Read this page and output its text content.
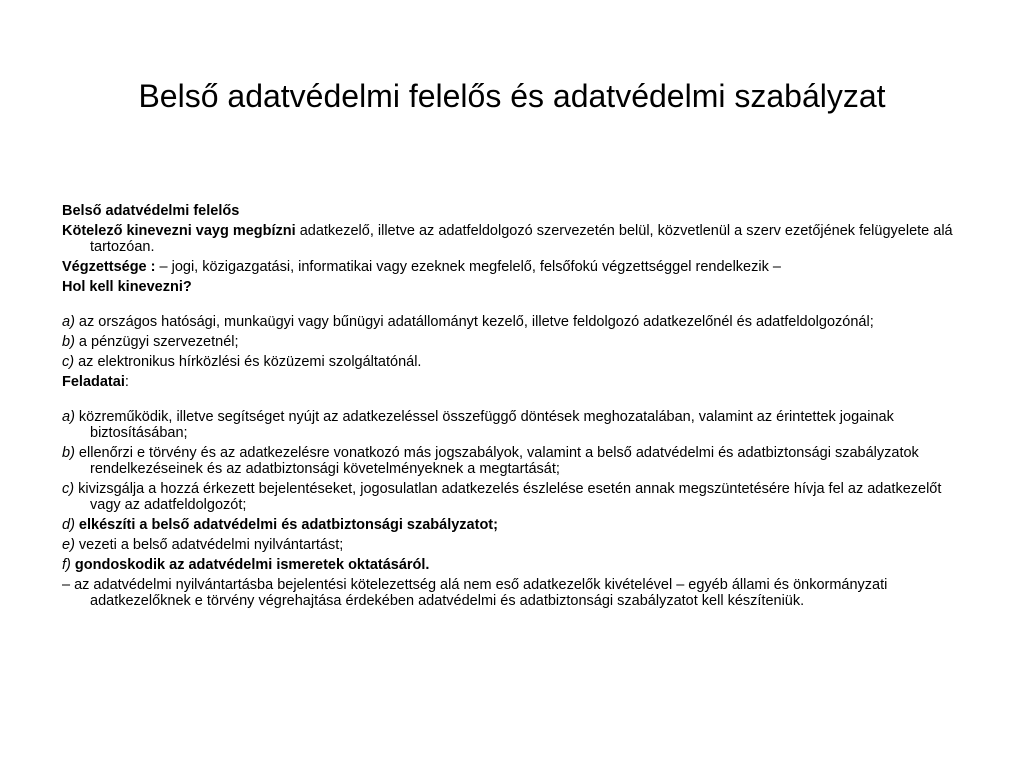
Belső adatvédelmi felelős és adatvédelmi szabályzat

Belső adatvédelmi felelős

Kötelező kinevezni vayg megbízni adatkezelő, illetve az adatfeldolgozó szervezetén belül, közvetlenül a szerv ezetőjének felügyelete alá tartozóan.

Végzettsége : – jogi, közigazgatási, informatikai vagy ezeknek megfelelő, felsőfokú végzettséggel rendelkezik –

Hol kell kinevezni?

a) az országos hatósági, munkaügyi vagy bűnügyi adatállományt kezelő, illetve feldolgozó adatkezelőnél és adatfeldolgozónál;

b) a pénzügyi szervezetnél;

c) az elektronikus hírközlési és közüzemi szolgáltatónál.

Feladatai:

a) közreműködik, illetve segítséget nyújt az adatkezeléssel összefüggő döntések meghozatalában, valamint az érintettek jogainak biztosításában;

b) ellenőrzi e törvény és az adatkezelésre vonatkozó más jogszabályok, valamint a belső adatvédelmi és adatbiztonsági szabályzatok rendelkezéseinek és az adatbiztonsági követelményeknek a megtartását;

c) kivizsgálja a hozzá érkezett bejelentéseket, jogosulatlan adatkezelés észlelése esetén annak megszüntetésére hívja fel az adatkezelőt vagy az adatfeldolgozót;

d) elkészíti a belső adatvédelmi és adatbiztonsági szabályzatot;

e) vezeti a belső adatvédelmi nyilvántartást;

f) gondoskodik az adatvédelmi ismeretek oktatásáról.

– az adatvédelmi nyilvántartásba bejelentési kötelezettség alá nem eső adatkezelők kivételével – egyéb állami és önkormányzati adatkezelőknek e törvény végrehajtása érdekében adatvédelmi és adatbiztonsági szabályzatot kell készíteniük.
